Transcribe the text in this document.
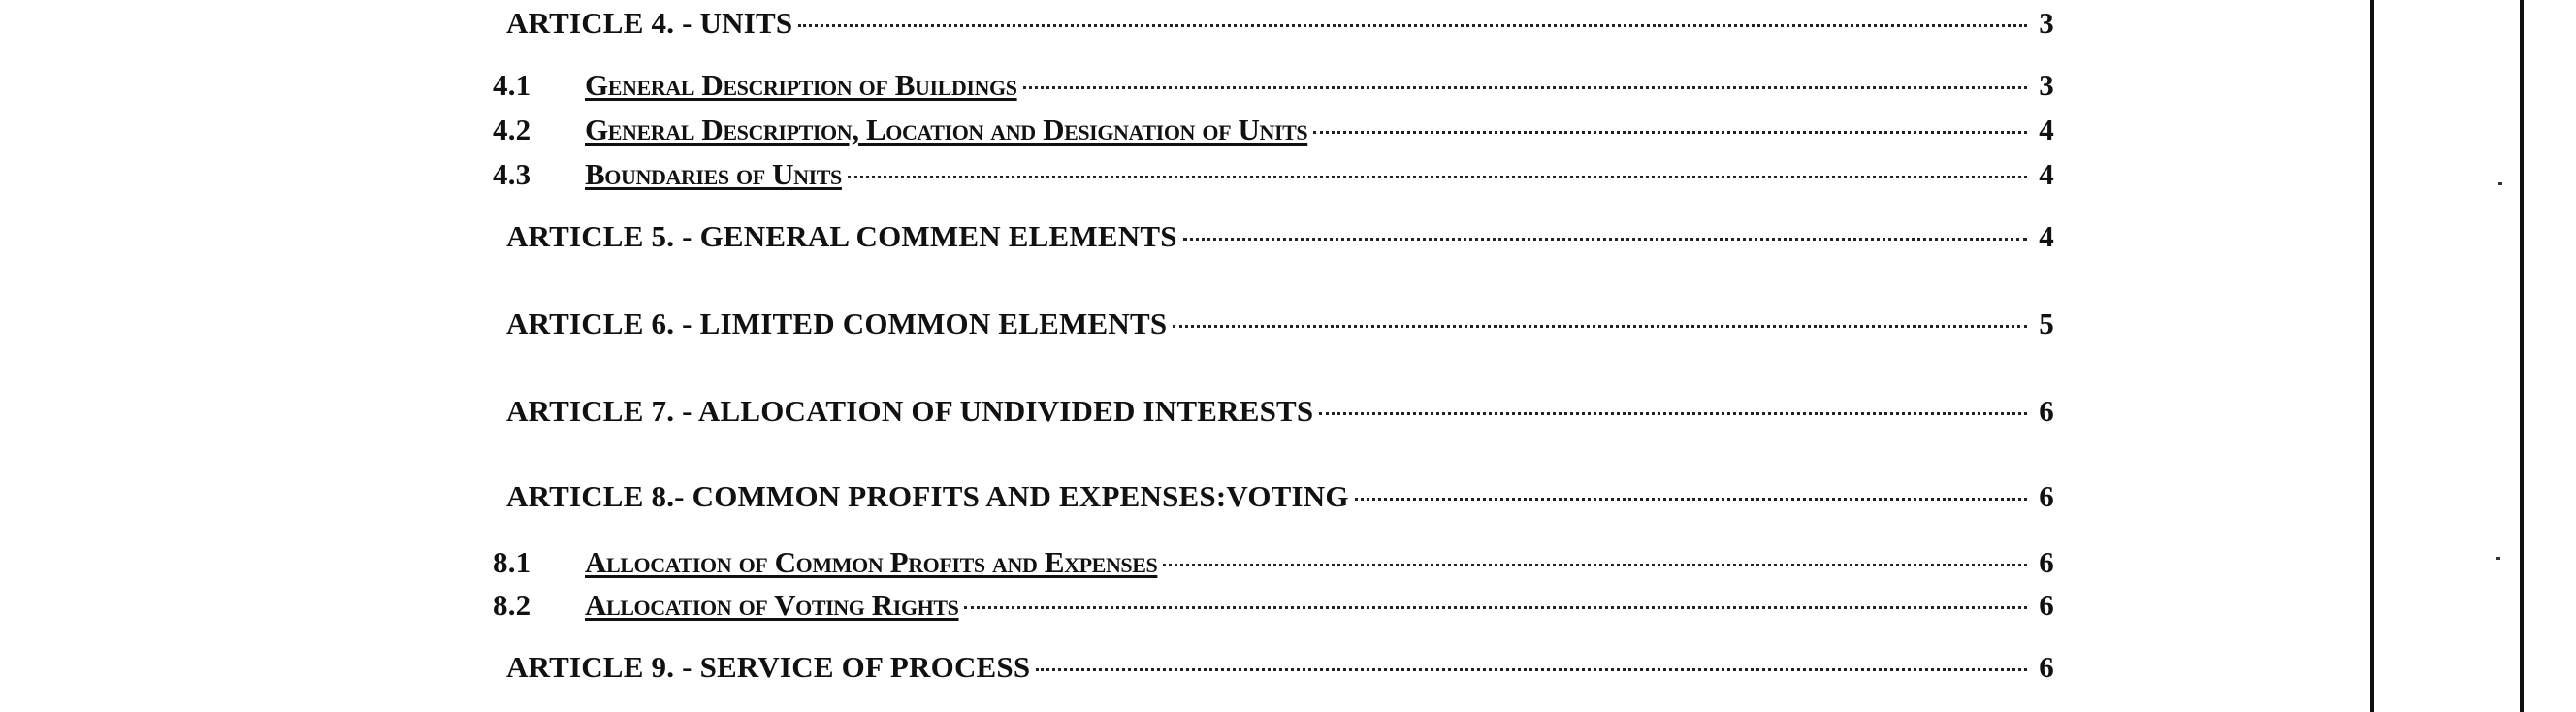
ARTICLE 4. - UNITS	3
4.1	General Description of Buildings	3
4.2	General Description, Location and Designation of Units	4
4.3	Boundaries of Units	4
ARTICLE 5. - GENERAL COMMEN ELEMENTS	4
ARTICLE 6. - LIMITED COMMON ELEMENTS	5
ARTICLE 7. - ALLOCATION OF UNDIVIDED INTERESTS	6
ARTICLE 8.- COMMON PROFITS AND EXPENSES:VOTING	6
8.1	Allocation of Common Profits and Expenses	6
8.2	Allocation of Voting Rights	6
ARTICLE 9. - SERVICE OF PROCESS	6
